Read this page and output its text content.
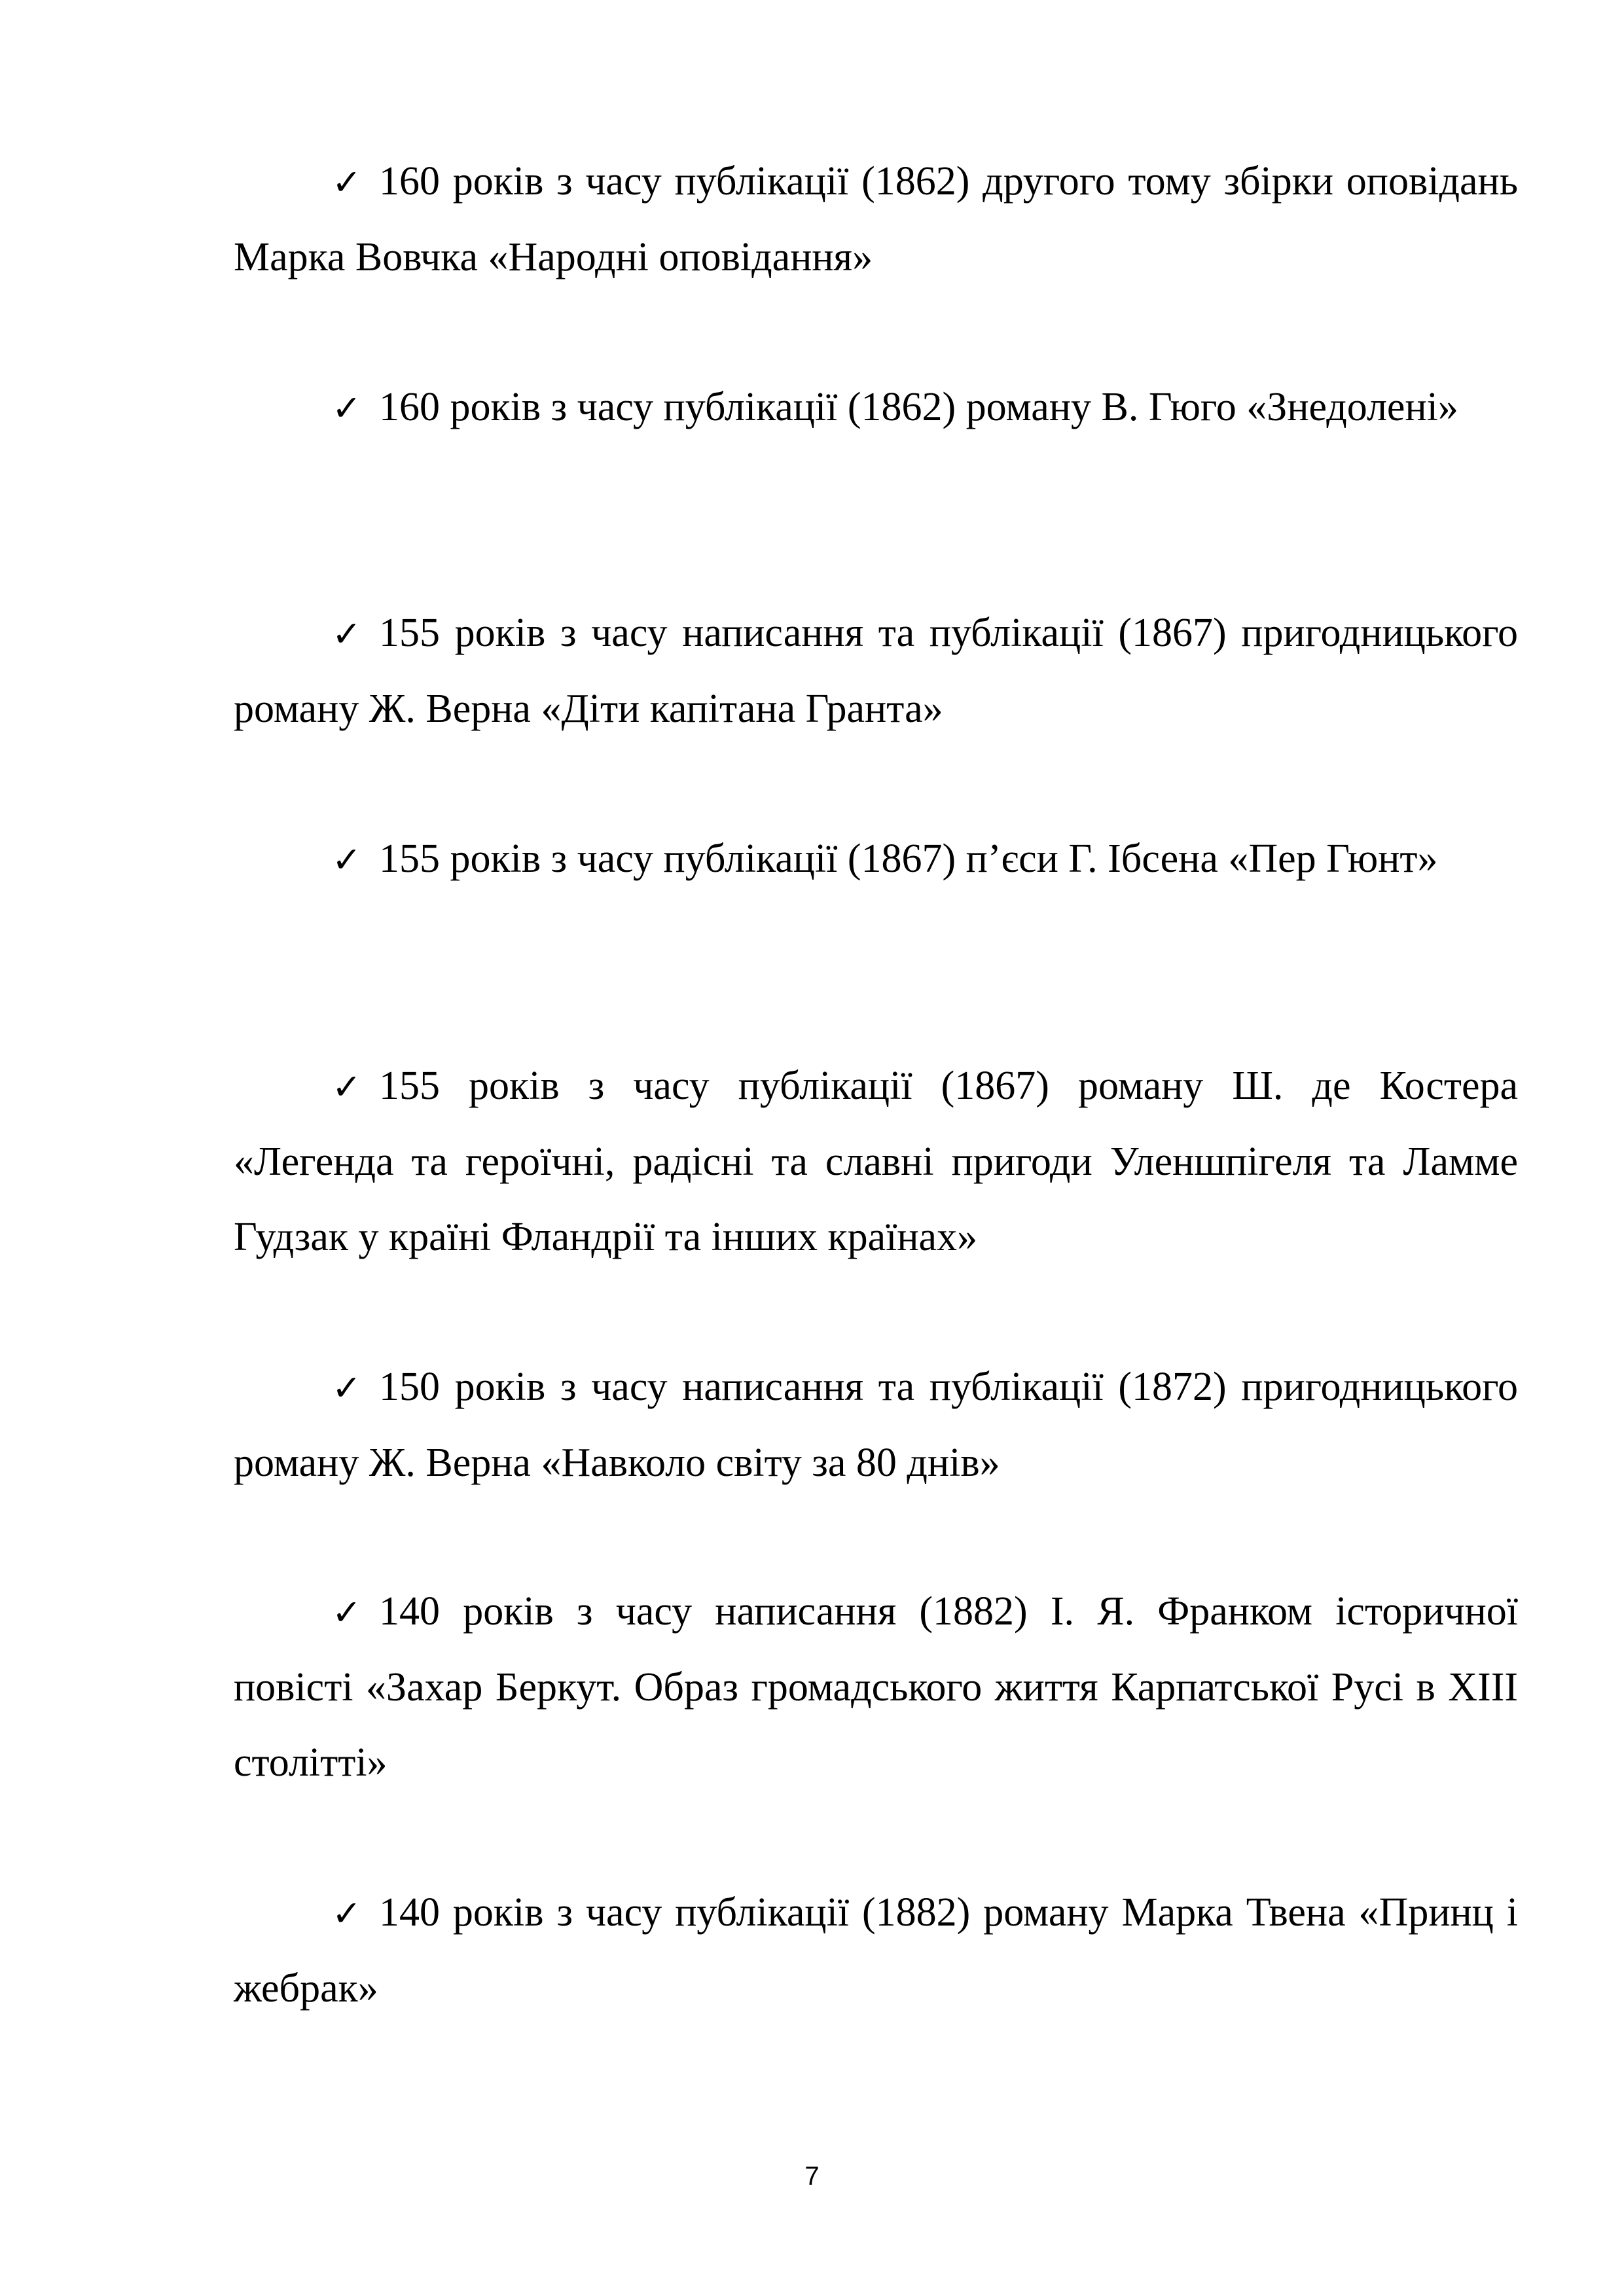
✓ 160 років з часу публікації (1862) другого тому збірки оповідань Марка Вовчка «Народні оповідання»

✓ 160 років з часу публікації (1862) роману В. Гюго «Знедолені»

✓ 155 років з часу написання та публікації (1867) пригодницького роману Ж. Верна «Діти капітана Гранта»

✓ 155 років з часу публікації (1867) п’єси Г. Ібсена «Пер Гюнт»

✓ 155 років з часу публікації (1867) роману Ш. де Костера «Легенда та героїчні, радісні та славні пригоди Уленшпігеля та Ламме Гудзак у країні Фландрії та інших країнах»

✓ 150 років з часу написання та публікації (1872) пригодницького роману Ж. Верна «Навколо світу за 80 днів»

✓ 140 років з часу написання (1882) І. Я. Франком історичної повісті «Захар Беркут. Образ громадського життя Карпатської Русі в XIII столітті»

✓ 140 років з часу публікації (1882) роману Марка Твена «Принц і жебрак»

7
